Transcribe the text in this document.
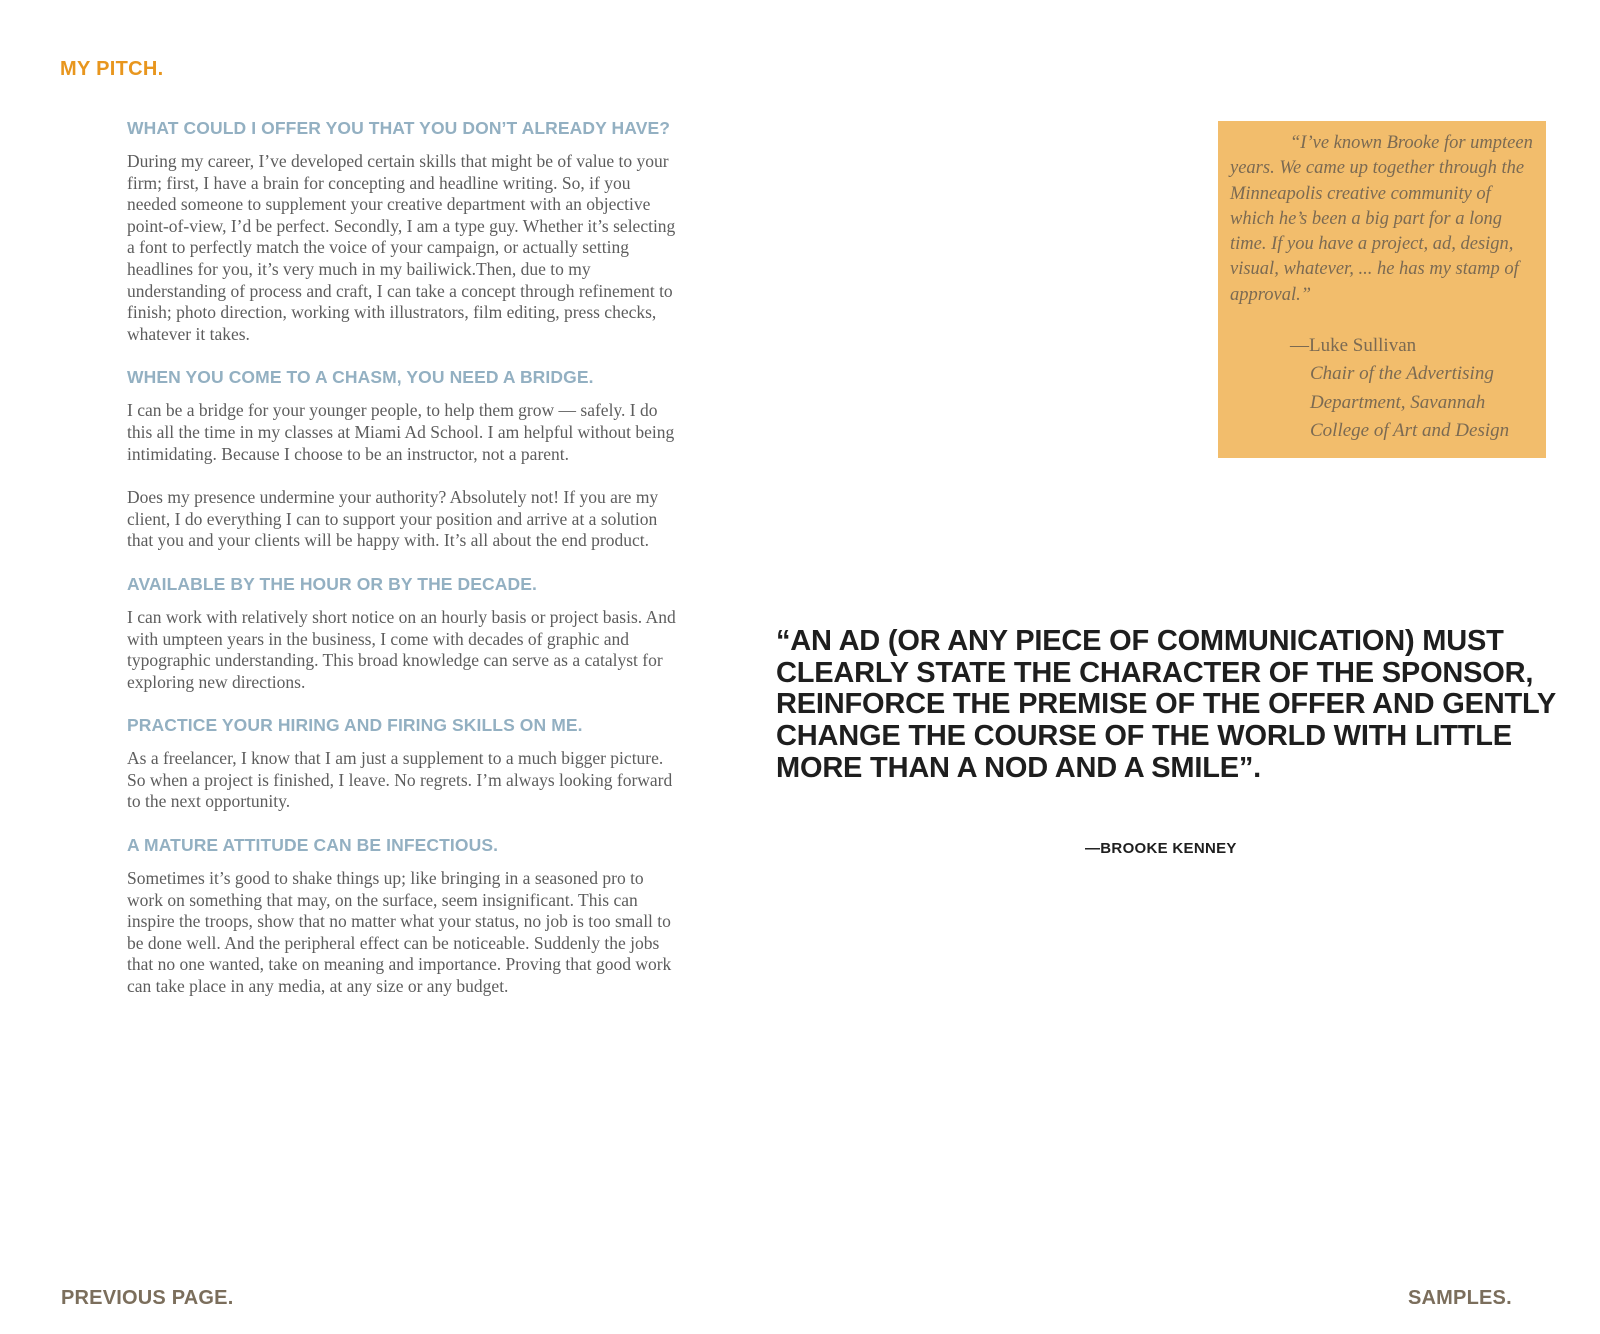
MY PITCH.
WHAT COULD I OFFER YOU THAT YOU DON’T ALREADY HAVE?

During my career, I’ve developed certain skills that might be of value to your firm; first, I have a brain for concepting and headline writing. So, if you needed someone to supplement your creative department with an objective point-of-view, I’d be perfect. Secondly, I am a type guy. Whether it’s selecting a font to perfectly match the voice of your campaign, or actually setting headlines for you, it’s very much in my bailiwick.Then, due to my understanding of process and craft, I can take a concept through refinement to finish; photo direction, working with illustrators, film editing, press checks, whatever it takes.

WHEN YOU COME TO A CHASM, YOU NEED A BRIDGE.

I can be a bridge for your younger people, to help them grow — safely. I do this all the time in my classes at Miami Ad School. I am helpful without being intimidating. Because I choose to be an instructor, not a parent.

Does my presence undermine your authority? Absolutely not! If you are my client, I do everything I can to support your position and arrive at a solution that you and your clients will be happy with. It’s all about the end product.

AVAILABLE BY THE HOUR OR BY THE DECADE.

I can work with relatively short notice on an hourly basis or project basis. And with umpteen years in the business, I come with decades of graphic and typographic understanding. This broad knowledge can serve as a catalyst for exploring new directions.

PRACTICE YOUR HIRING AND FIRING SKILLS ON ME.

As a freelancer, I know that I am just a supplement to a much bigger picture. So when a project is finished, I leave. No regrets. I’m always looking forward to the next opportunity.

A MATURE ATTITUDE CAN BE INFECTIOUS.

Sometimes it’s good to shake things up; like bringing in a seasoned pro to work on something that may, on the surface, seem insignificant. This can inspire the troops, show that no matter what your status, no job is too small to be done well. And the peripheral effect can be noticeable. Suddenly the jobs that no one wanted, take on meaning and importance. Proving that good work can take place in any media, at any size or any budget.

“I’ve known Brooke for umpteen years. We came up together through the Minneapolis creative community of which he’s been a big part for a long time. If you have a project, ad, design, visual, whatever, ... he has my stamp of approval.”

—Luke Sullivan

Chair of the Advertising

Department, Savannah

College of Art and Design

“AN AD (OR ANY PIECE OF COMMUNICATION) MUST CLEARLY STATE THE CHARACTER OF THE SPONSOR, REINFORCE THE PREMISE OF THE OFFER AND GENTLY CHANGE THE COURSE OF THE WORLD WITH LITTLE MORE THAN A NOD AND A SMILE”.

—BROOKE KENNEY

PREVIOUS PAGE.	SAMPLES.
